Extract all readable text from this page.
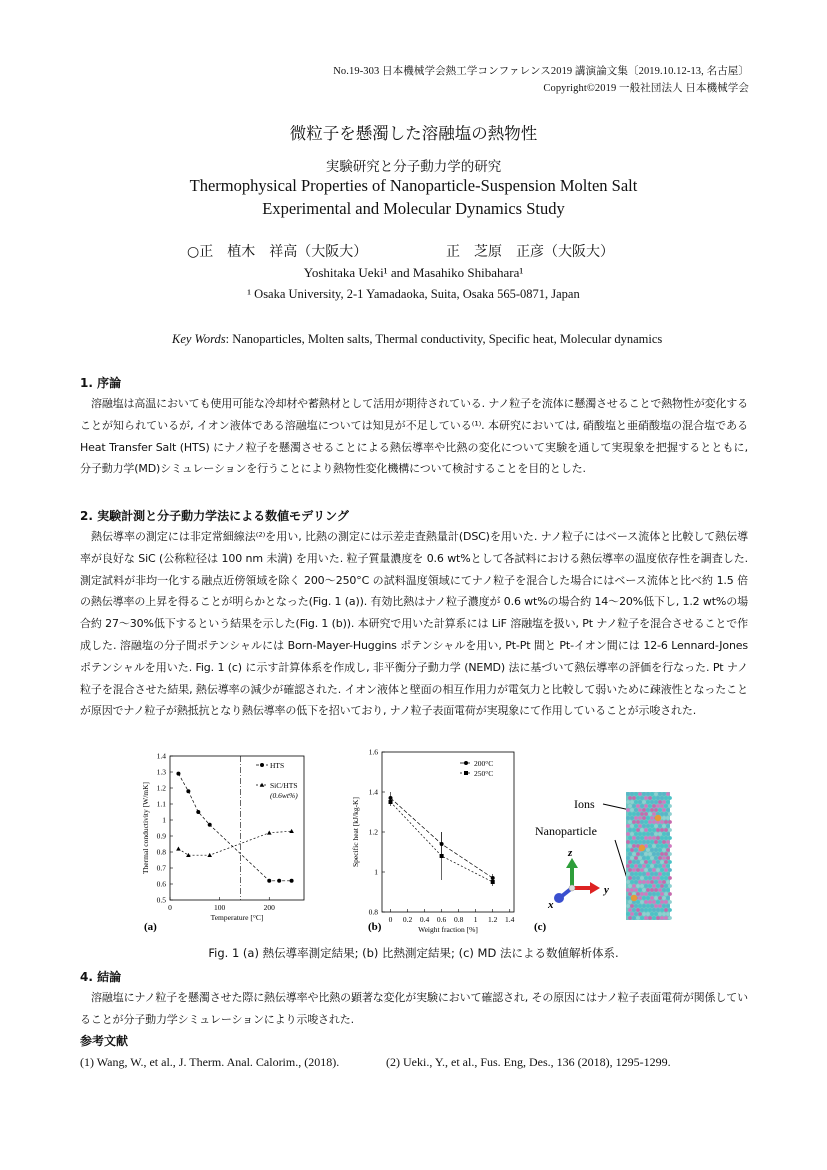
No.19-303 日本機械学会熱工学コンファレンス2019 講演論文集〔2019.10.12-13, 名古屋〕
Copyright©2019 一般社団法人 日本機械学会
微粒子を懸濁した溶融塩の熱物性
実験研究と分子動力学的研究
Thermophysical Properties of Nanoparticle-Suspension Molten Salt
Experimental and Molecular Dynamics Study
○正　植木　祥高（大阪大）	正　芝原　正彦（大阪大）
Yoshitaka Ueki¹ and Masahiko Shibahara¹
¹ Osaka University, 2-1 Yamadaoka, Suita, Osaka 565-0871, Japan
Key Words: Nanoparticles, Molten salts, Thermal conductivity, Specific heat, Molecular dynamics
1. 序論
溶融塩は高温においても使用可能な冷却材や蓄熱材として活用が期待されている. ナノ粒子を流体に懸濁させることで熱物性が変化することが知られているが, イオン液体である溶融塩については知見が不足している⁽¹⁾. 本研究においては, 硝酸塩と亜硝酸塩の混合塩である Heat Transfer Salt (HTS) にナノ粒子を懸濁させることによる熱伝導率や比熱の変化について実験を通して実現象を把握するとともに, 分子動力学(MD)シミュレーションを行うことにより熱物性変化機構について検討することを目的とした.
2. 実験計測と分子動力学法による数値モデリング
熱伝導率の測定には非定常細線法⁽²⁾を用い, 比熱の測定には示差走査熱量計(DSC)を用いた. ナノ粒子にはベース流体と比較して熱伝導率が良好な SiC (公称粒径は 100 nm 未満) を用いた. 粒子質量濃度を 0.6 wt%として各試料における熱伝導率の温度依存性を調査した. 測定試料が非均一化する融点近傍領域を除く 200〜250°C の試料温度領域にてナノ粒子を混合した場合にはベース流体と比べ約 1.5 倍の熱伝導率の上昇を得ることが明らかとなった(Fig. 1 (a)). 有効比熱はナノ粒子濃度が 0.6 wt%の場合約 14〜20%低下し, 1.2 wt%の場合約 27〜30%低下するという結果を示した(Fig. 1 (b)). 本研究で用いた計算系には LiF 溶融塩を扱い, Pt ナノ粒子を混合させることで作成した. 溶融塩の分子間ポテンシャルには Born-Mayer-Huggins ポテンシャルを用い, Pt-Pt 間と Pt-イオン間には 12-6 Lennard-Jones ポテンシャルを用いた. Fig. 1 (c) に示す計算体系を作成し, 非平衡分子動力学 (NEMD) 法に基づいて熱伝導率の評価を行なった. Pt ナノ粒子を混合させた結果, 熱伝導率の減少が確認された. イオン液体と壁面の相互作用力が電気力と比較して弱いために疎液性となったことが原因でナノ粒子が熱抵抗となり熱伝導率の低下を招いており, ナノ粒子表面電荷が実現象にて作用していることが示唆された.
0.5
0.6
0.7
0.8
0.9
1
1.1
1.2
1.3
1.4
0	100	200
Temperature [°C]
Thermal conductivity [W/mK]
HTS
SiC/HTS
(0.6wt%)
0.8
1
1.2
1.4
1.6
0 0.2 0.4 0.6 0.8 1 1.2 1.4
Weight fraction [%]
Specific heat [kJ/kg-K]
200°C
250°C
(a)	(b)	(c)
Ions
Nanoparticle
z
y
x
Fig. 1 (a) 熱伝導率測定結果; (b) 比熱測定結果; (c) MD 法による数値解析体系.
4. 結論
溶融塩にナノ粒子を懸濁させた際に熱伝導率や比熱の顕著な変化が実験において確認され, その原因にはナノ粒子表面電荷が関係していることが分子動力学シミュレーションにより示唆された.
参考文献
(1) Wang, W., et al., J. Therm. Anal. Calorim., (2018).	(2) Ueki., Y., et al., Fus. Eng, Des., 136 (2018), 1295-1299.
